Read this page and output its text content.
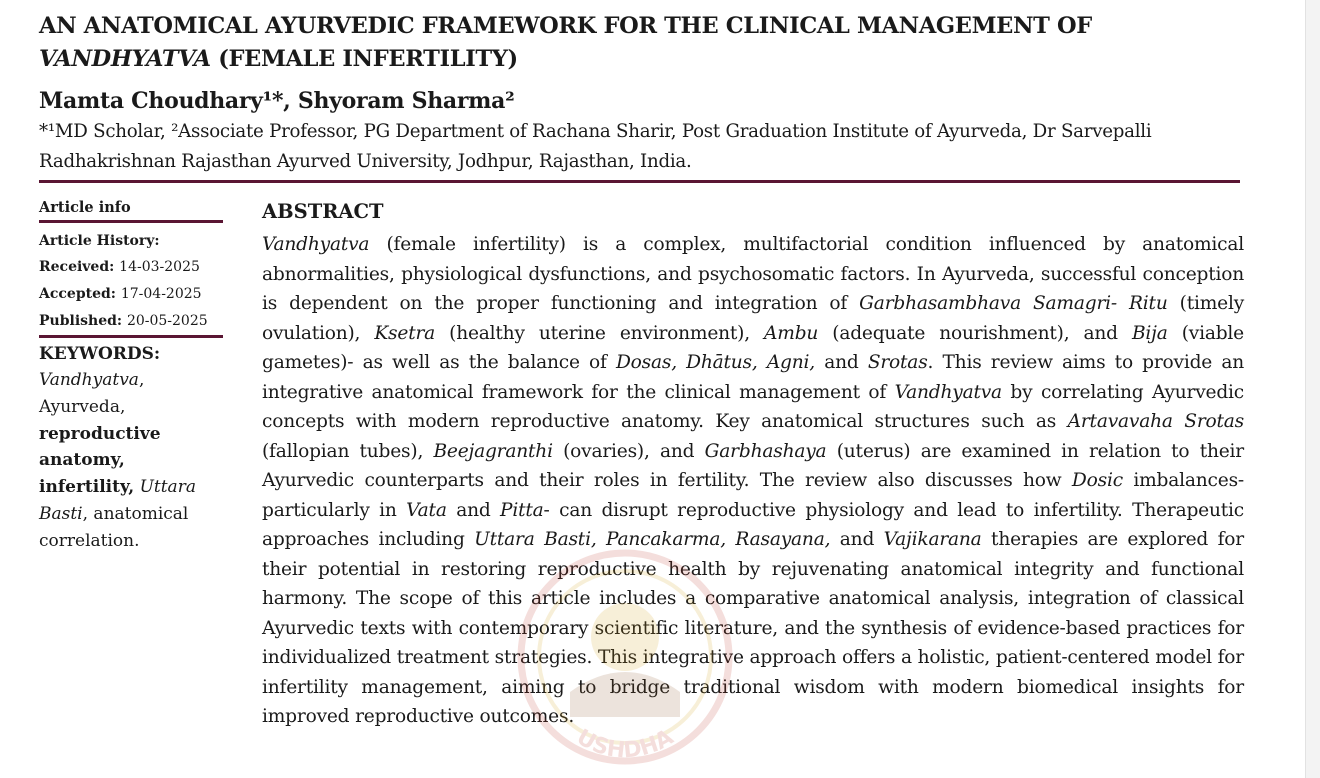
AN ANATOMICAL AYURVEDIC FRAMEWORK FOR THE CLINICAL MANAGEMENT OF
VANDHYATVA (FEMALE INFERTILITY)
Mamta Choudhary¹*, Shyoram Sharma²
*¹MD Scholar, ²Associate Professor, PG Department of Rachana Sharir, Post Graduation Institute of Ayurveda, Dr Sarvepalli Radhakrishnan Rajasthan Ayurved University, Jodhpur, Rajasthan, India.
Article info
Article History:
Received: 14-03-2025
Accepted: 17-04-2025
Published: 20-05-2025
KEYWORDS:
Vandhyatva,
Ayurveda,
reproductive anatomy,
infertility, Uttara Basti, anatomical correlation.
ABSTRACT

Vandhyatva (female infertility) is a complex, multifactorial condition influenced by anatomical abnormalities, physiological dysfunctions, and psychosomatic factors. In Ayurveda, successful conception is dependent on the proper functioning and integration of Garbhasambhava Samagri- Ritu (timely ovulation), Ksetra (healthy uterine environment), Ambu (adequate nourishment), and Bija (viable gametes)- as well as the balance of Dosas, Dhātus, Agni, and Srotas. This review aims to provide an integrative anatomical framework for the clinical management of Vandhyatva by correlating Ayurvedic concepts with modern reproductive anatomy. Key anatomical structures such as Artavavaha Srotas (fallopian tubes), Beejagranthi (ovaries), and Garbhashaya (uterus) are examined in relation to their Ayurvedic counterparts and their roles in fertility. The review also discusses how Dosic imbalances- particularly in Vata and Pitta- can disrupt reproductive physiology and lead to infertility. Therapeutic approaches including Uttara Basti, Pancakarma, Rasayana, and Vajikarana therapies are explored for their potential in restoring reproductive health by rejuvenating anatomical integrity and functional harmony. The scope of this article includes a comparative anatomical analysis, integration of classical Ayurvedic texts with contemporary scientific literature, and the synthesis of evidence-based practices for individualized treatment strategies. This integrative approach offers a holistic, patient-centered model for infertility management, aiming to bridge traditional wisdom with modern biomedical insights for improved reproductive outcomes.

USHDHA
